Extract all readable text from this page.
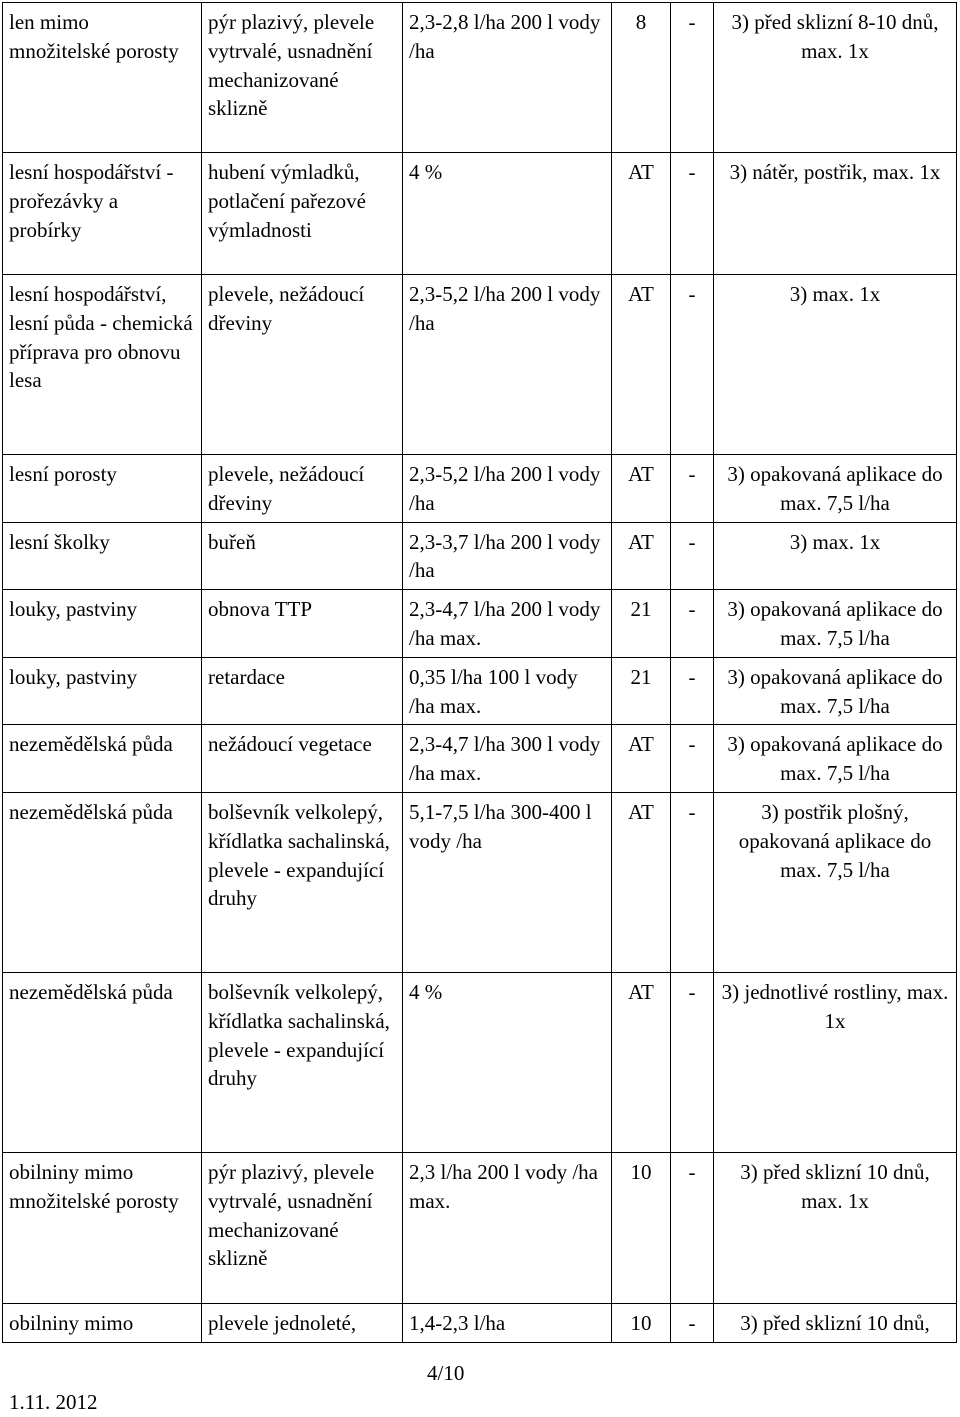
len mimo množitelské porosty	pýr plazivý, plevele vytrvalé, usnadnění mechanizované sklizně	2,3-2,8 l/ha 200 l vody /ha	8	-	3) před sklizní 8-10 dnů, max. 1x
lesní hospodářství - prořezávky a probírky	hubení výmladků, potlačení pařezové výmladnosti	4 %	AT	-	3) nátěr, postřik, max. 1x
lesní hospodářství, lesní půda - chemická příprava pro obnovu lesa	plevele, nežádoucí dřeviny	2,3-5,2 l/ha 200 l vody /ha	AT	-	3) max. 1x
lesní porosty	plevele, nežádoucí dřeviny	2,3-5,2 l/ha 200 l vody /ha	AT	-	3) opakovaná aplikace do max. 7,5 l/ha
lesní školky	buřeň	2,3-3,7 l/ha 200 l vody /ha	AT	-	3) max. 1x
louky, pastviny	obnova TTP	2,3-4,7 l/ha 200 l vody /ha max.	21	-	3) opakovaná aplikace do max. 7,5 l/ha
louky, pastviny	retardace	0,35 l/ha 100 l vody /ha max.	21	-	3) opakovaná aplikace do max. 7,5 l/ha
nezemědělská půda	nežádoucí vegetace	2,3-4,7 l/ha 300 l vody /ha max.	AT	-	3) opakovaná aplikace do max. 7,5 l/ha
nezemědělská půda	bolševník velkolepý, křídlatka sachalinská, plevele - expandující druhy	5,1-7,5 l/ha 300-400 l vody /ha	AT	-	3) postřik plošný, opakovaná aplikace do max. 7,5 l/ha
nezemědělská půda	bolševník velkolepý, křídlatka sachalinská, plevele - expandující druhy	4 %	AT	-	3) jednotlivé rostliny, max. 1x
obilniny mimo množitelské porosty	pýr plazivý, plevele vytrvalé, usnadnění mechanizované sklizně	2,3 l/ha 200 l vody /ha max.	10	-	3) před sklizní 10 dnů, max. 1x
obilniny mimo	plevele jednoleté,	1,4-2,3 l/ha	10	-	3) před sklizní 10 dnů,
4/10
1.11. 2012
